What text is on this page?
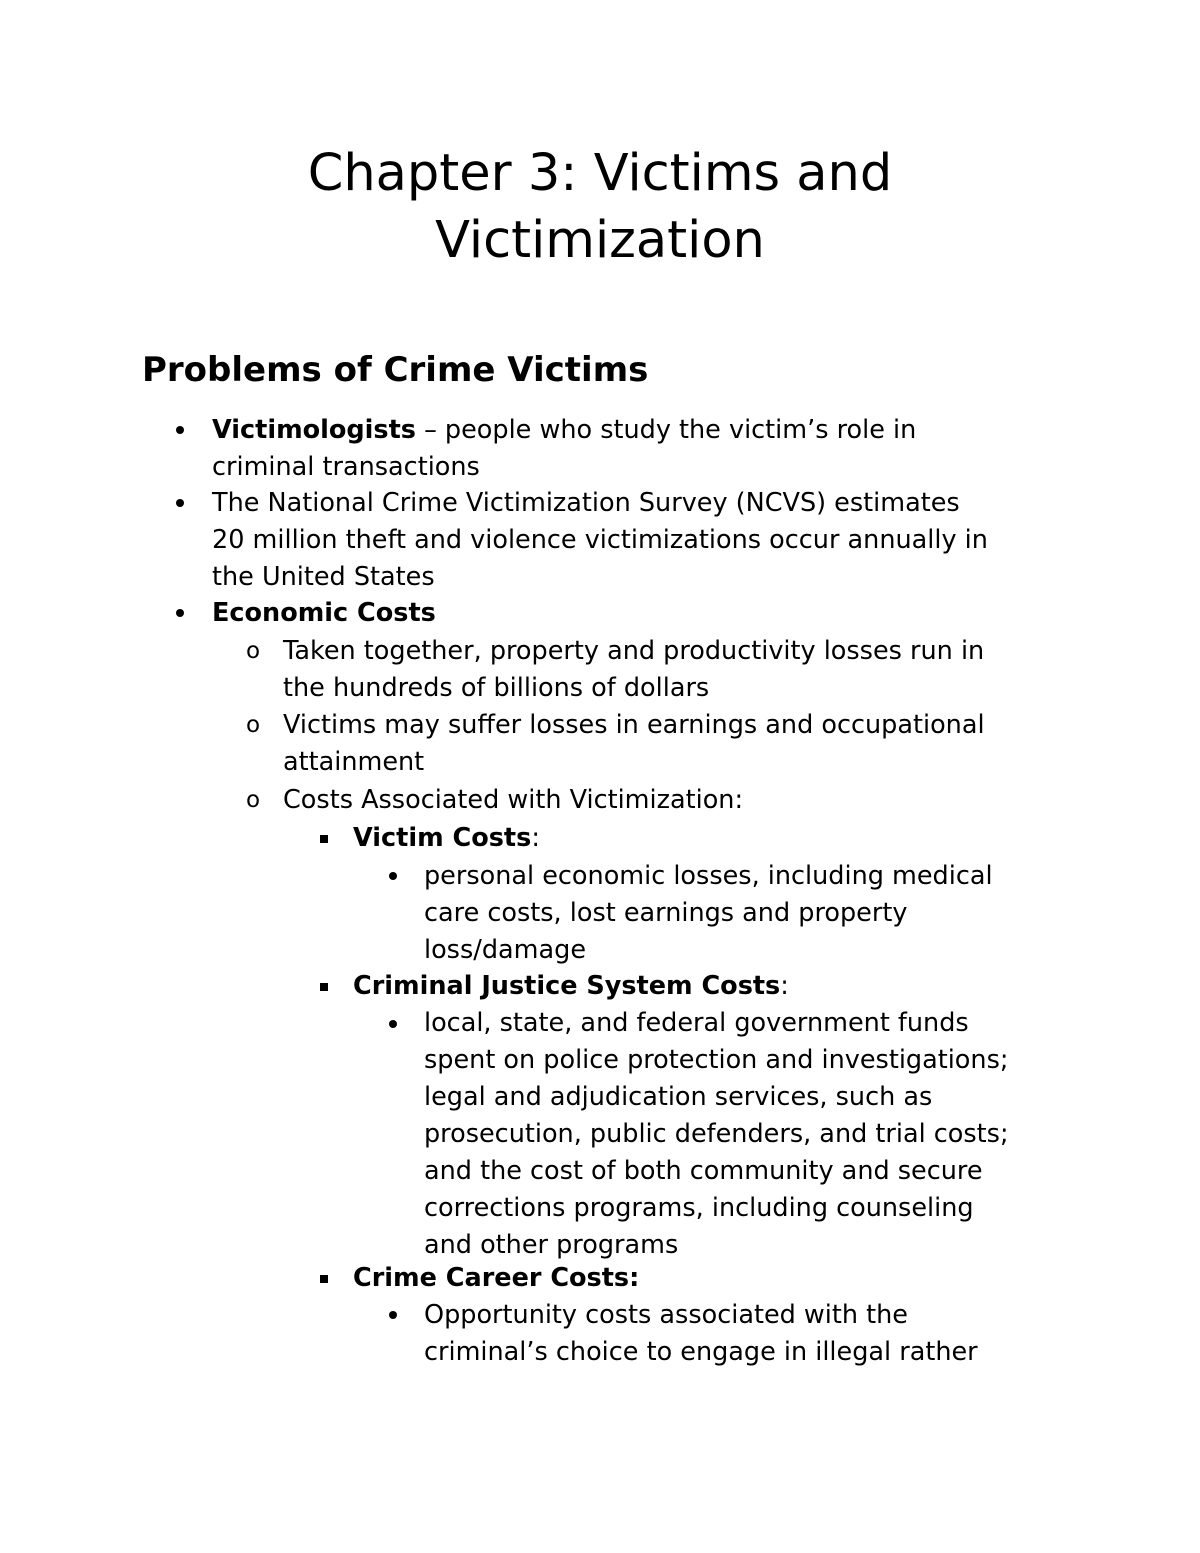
Chapter 3: Victims and
Victimization
Problems of Crime Victims
Victimologists – people who study the victim’s role in
criminal transactions
The National Crime Victimization Survey (NCVS) estimates
20 million theft and violence victimizations occur annually in
the United States
Economic Costs
o Taken together, property and productivity losses run in
the hundreds of billions of dollars
o Victims may suffer losses in earnings and occupational
attainment
o Costs Associated with Victimization:
Victim Costs:
personal economic losses, including medical
care costs, lost earnings and property
loss/damage
Criminal Justice System Costs:
local, state, and federal government funds
spent on police protection and investigations;
legal and adjudication services, such as
prosecution, public defenders, and trial costs;
and the cost of both community and secure
corrections programs, including counseling
and other programs
Crime Career Costs:
Opportunity costs associated with the
criminal’s choice to engage in illegal rather
